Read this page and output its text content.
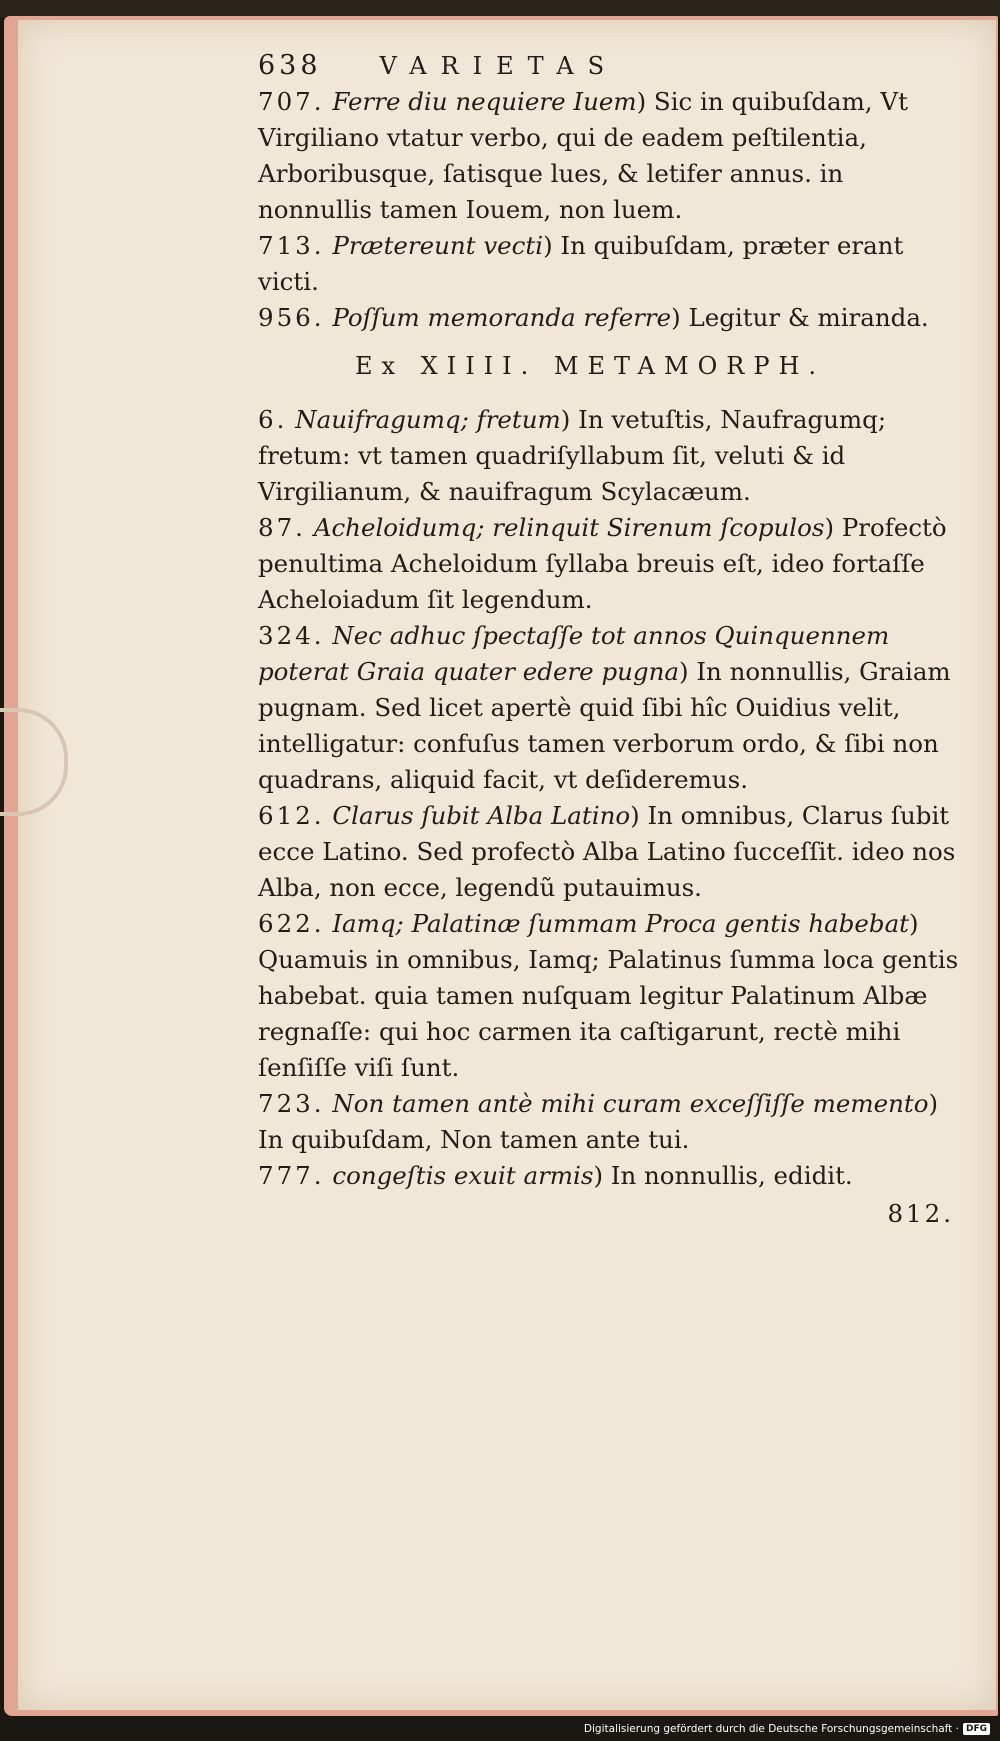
638 VARIETAS
707. Ferre diu nequiere Iuem) Sic in quibuſdam, Vt Virgiliano vtatur verbo, qui de eadem peſtilentia, Arboribusque, ſatisque lues, & letifer annus. in nonnullis tamen Iouem, non luem.
713. Prætereunt vecti) In quibuſdam, præter erant victi.
956. Poſſum memoranda referre) Legitur & miranda.
Ex XIIII. METAMORPH.
6. Nauifragumq; fretum) In vetuſtis, Naufragumq; fretum: vt tamen quadriſyllabum ſit, veluti & id Virgilianum, & nauifragum Scylacæum.
87. Acheloidumq; relinquit Sirenum ſcopulos) Profectò penultima Acheloidum ſyllaba breuis eſt, ideo fortaſſe Acheloiadum ſit legendum.
324. Nec adhuc ſpectaſſe tot annos Quinquennem poterat Graia quater edere pugna) In nonnullis, Graiam pugnam. Sed licet apertè quid ſibi hîc Ouidius velit, intelligatur: confuſus tamen verborum ordo, & ſibi non quadrans, aliquid facit, vt deſideremus.
612. Clarus ſubit Alba Latino) In omnibus, Clarus ſubit ecce Latino. Sed profectò Alba Latino ſucceſſit. ideo nos Alba, non ecce, legendũ putauimus.
622. Iamq; Palatinæ ſummam Proca gentis habebat) Quamuis in omnibus, Iamq; Palatinus ſumma loca gentis habebat. quia tamen nuſquam legitur Palatinum Albæ regnaſſe: qui hoc carmen ita caſtigarunt, rectè mihi ſenſiſſe viſi ſunt.
723. Non tamen antè mihi curam exceſſiſſe memento) In quibuſdam, Non tamen ante tui.
777. congeſtis exuit armis) In nonnullis, edidit.
812.
Digitalisierung gefördert durch die Deutsche Forschungsgemeinschaft · DFG
